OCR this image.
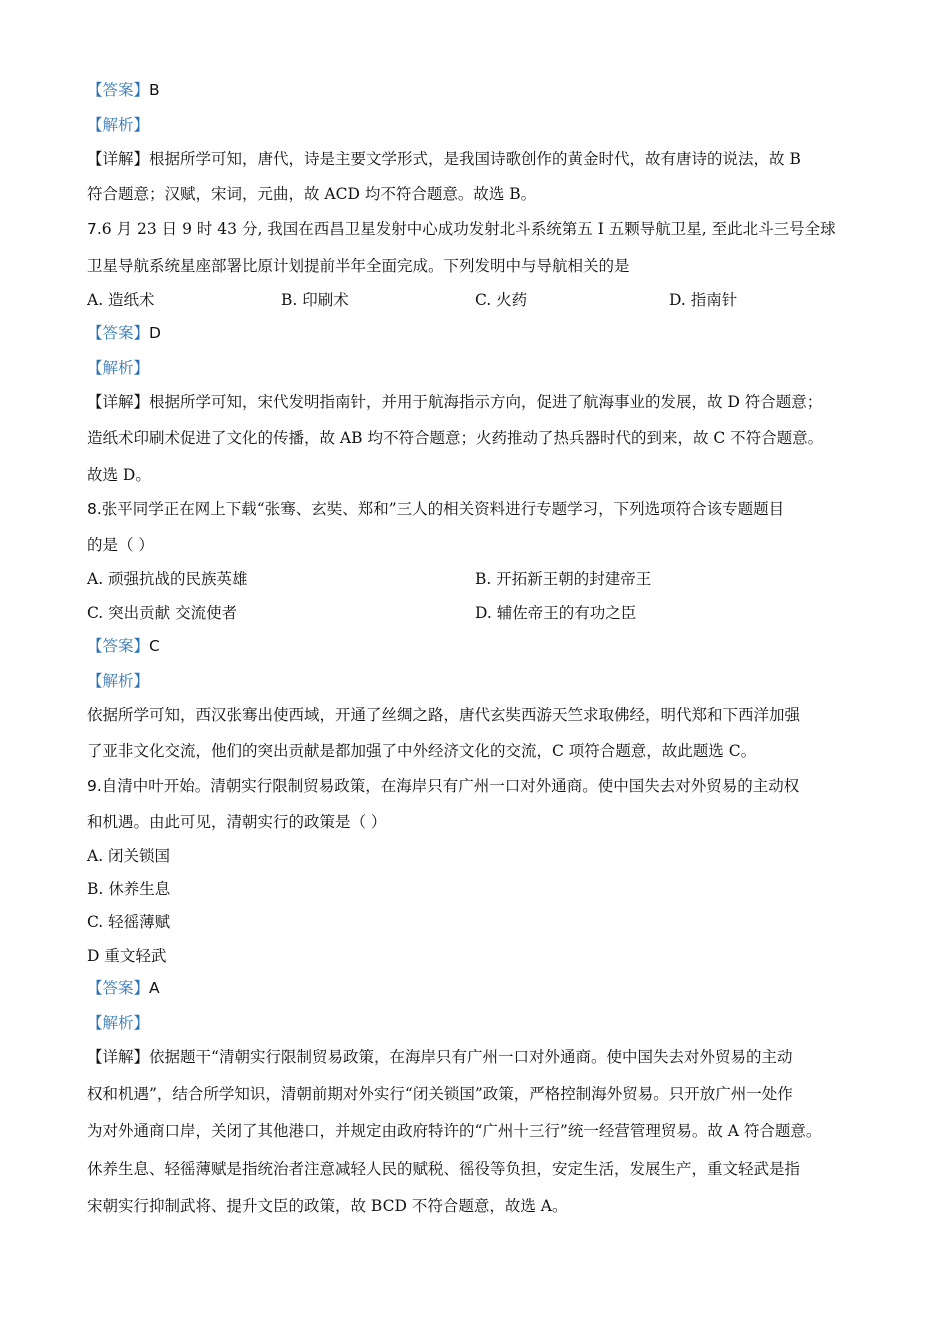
【答案】B
【解析】
【详解】根据所学可知，唐代，诗是主要文学形式，是我国诗歌创作的黄金时代，故有唐诗的说法，故 B
符合题意；汉赋，宋词，元曲，故 ACD 均不符合题意。故选 B。
7.6 月 23 日 9 时 43 分, 我国在西昌卫星发射中心成功发射北斗系统第五 I 五颗导航卫星, 至此北斗三号全球
卫星导航系统星座部署比原计划提前半年全面完成。下列发明中与导航相关的是
A. 造纸术	B. 印刷术	C. 火药	D. 指南针
【答案】D
【解析】
【详解】根据所学可知，宋代发明指南针，并用于航海指示方向，促进了航海事业的发展，故 D 符合题意；
造纸术印刷术促进了文化的传播，故 AB 均不符合题意；火药推动了热兵器时代的到来，故 C 不符合题意。
故选 D。
8.张平同学正在网上下载“张骞、玄奘、郑和”三人的相关资料进行专题学习，下列选项符合该专题题目
的是（ ）
A. 顽强抗战的民族英雄	B. 开拓新王朝的封建帝王
C. 突出贡献 交流使者	D. 辅佐帝王的有功之臣
【答案】C
【解析】
依据所学可知，西汉张骞出使西域，开通了丝绸之路，唐代玄奘西游天竺求取佛经，明代郑和下西洋加强
了亚非文化交流，他们的突出贡献是都加强了中外经济文化的交流，C 项符合题意，故此题选 C。
9.自清中叶开始。清朝实行限制贸易政策，在海岸只有广州一口对外通商。使中国失去对外贸易的主动权
和机遇。由此可见，清朝实行的政策是（ ）
A. 闭关锁国
B. 休养生息
C. 轻徭薄赋
D 重文轻武
【答案】A
【解析】
【详解】依据题干“清朝实行限制贸易政策，在海岸只有广州一口对外通商。使中国失去对外贸易的主动
权和机遇”，结合所学知识，清朝前期对外实行“闭关锁国”政策，严格控制海外贸易。只开放广州一处作
为对外通商口岸，关闭了其他港口，并规定由政府特许的“广州十三行”统一经营管理贸易。故 A 符合题意。
休养生息、轻徭薄赋是指统治者注意减轻人民的赋税、徭役等负担，安定生活，发展生产，重文轻武是指
宋朝实行抑制武将、提升文臣的政策，故 BCD 不符合题意，故选 A。
